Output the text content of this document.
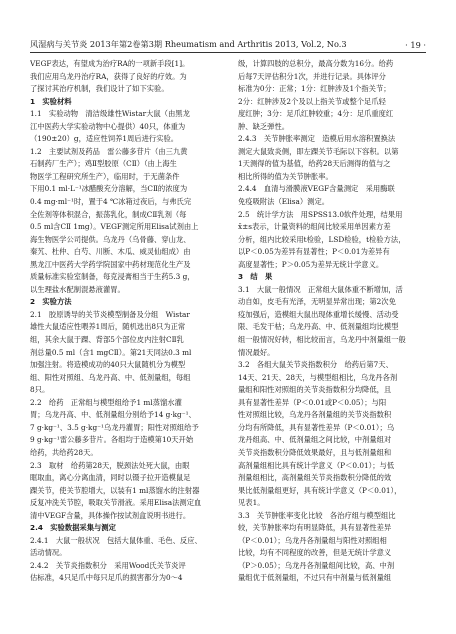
风湿病与关节炎 2013年第2卷第3期 Rheumatism and Arthritis 2013, Vol.2, No.3	· 19 ·
VEGF表达，有望成为治疗RA的一项新手段[1]。
我们应用乌龙丹治疗RA，获得了良好的疗效。为
了探讨其治疗机制，我们设计了如下实验。
1　实验材料
1.1　实验动物　清洁级雄性Wistar大鼠（由黑龙
江中医药大学实验动物中心提供）40只，体重为
（190±20）g，适应性饲养1周后进行实验。
1.2　主要试剂及药品　雷公藤多苷片（由三九黄
石制药厂生产）；鸡Ⅱ型胶原（CⅡ）（由上海生
物医学工程研究所生产），临用时，于无菌条件
下用0.1 ml·L⁻¹冰醋酸充分溶解，当CⅡ的浓度为
0.4 mg·ml⁻¹时，置于4 ℃冰箱过夜后，与弗氏完
全佐剂等体积混合，振荡乳化，制成CⅡ乳剂（每
0.5 ml含CⅡ 1mg）。VEGF测定所用Elisa试剂由上
海生物医学公司提供。乌龙丹（乌骨藤、穿山龙、
秦艽、杜仲、白芍、川断、木瓜、威灵仙组成）由
黑龙江中医药大学药学院国家中药材现范化生产及
质量标准实验室制备，每克浸膏相当于生药5.3 g，
以生理盐水配制混悬液灌胃。
2　实验方法
2.1　胶原诱导的关节炎模型制备及分组　Wistar
雄性大鼠适应性喂养1周后，随机选出8只为正常
组，其余大鼠于踝、背部5个部位皮内注射CⅡ乳
剂总量0.5 ml（含1 mgCⅡ）。第21天同法0.3 ml
加强注射。将造模成功的40只大鼠随机分为模型
组、阳性对照组、乌龙丹高、中、低剂量组，每组
8只。
2.2　给药　正常组与模型组给予1 ml蒸馏水灌
胃；乌龙丹高、中、低剂量组分别给予14 g·kg⁻¹、
7 g·kg⁻¹、3.5 g·kg⁻¹乌龙丹灌胃；阳性对照组给予
9 g·kg⁻¹雷公藤多苷片。各组均于造模第10天开始
给药，共给药28天。
2.3　取材　给药第28天，脱颈法处死大鼠，由眼
眶取血，离心分离血清，同时以镊子拉开造模鼠足
踝关节，使关节腔增大，以装有1 ml蒸馏水的注射器
反复冲洗关节腔，吸取关节滑液。采用Elisa法测定血
清中VEGF含量，具体操作按试剂盒说明书进行。
2.4　实验数据采集与测定
2.4.1　大鼠一般状况　包括大鼠体重、毛色、反应、
活动情况。
2.4.2　关节炎指数积分　采用Wood氏关节炎评
估标准，4只足爪中每只足爪的损害都分为0～4
级，计算四肢的总积分，最高分数为16分。给药
后每7天评估积分1次，并进行记录。具体评分
标准为0分：正常；1分：红肿涉及1个指关节；
2分：红肿涉及2个及以上指关节或整个足爪轻
度红肿；3分：足爪红肿较重；4分：足爪重度红
肿、缺乏弹性。
2.4.3　关节肿胀率测定　造模后用水溶积置换法
测定大鼠致炎侧，即左踝关节毛际以下容积。以第
1天测得的值为基值，给药28天后测得的值与之
相比所得的值为关节肿胀率。
2.4.4　血清与滑膜液VEGF含量测定　采用酶联
免疫吸附法（Elisa）测定。
2.5　统计学方法　用SPSS13.0软件处理，结果用
x̄±s表示，计量资料的组间比较采用单因素方差
分析，组内比较采用t检验，LSD检验，t检验方法，
以P＜0.05为差异有显著性；P＜0.01为差异有
高度显著性；P＞0.05为差异无统计学意义。
3　结　果
3.1　大鼠一般情况　正常组大鼠体重不断增加，活
动自如，皮毛有光泽，无明显异常出现；第2次免
疫加强后，造模组大鼠出现体重增长缓慢、活动受
限、毛发干枯；乌龙丹高、中、低剂量组均比模型
组一般情况好转，相比较而言，乌龙丹中剂量组一般
情况最好。
3.2　各组大鼠关节炎指数积分　给药后第7天、
14天、21天、28天，与模型组相比，乌龙丹各剂
量组和阳性对照组的关节炎指数积分均降低，且
具有显著性差异（P＜0.01或P＜0.05）；与阳
性对照组比较，乌龙丹各剂量组的关节炎指数积
分均有所降低，具有显著性差异（P＜0.01）；乌
龙丹组高、中、低剂量组之间比较，中剂量组对
关节炎指数积分降低效果最好，且与低剂量组和
高剂量组相比具有统计学意义（P＜0.01）；与低
剂量组相比，高剂量组关节炎指数积分降低的效
果比低剂量组更好，具有统计学意义（P＜0.01），
见表1。
3.3　关节肿胀率变化比较　各治疗组与模型组比
较，关节肿胀率均有明显降低，具有显著性差异
（P＜0.01）；乌龙丹各剂量组与阳性对照组相
比较，均有不同程度的改善，但是无统计学意义
（P＞0.05）；乌龙丹各剂量组间比较，高、中剂
量组优于低剂量组，不过只有中剂量与低剂量组
